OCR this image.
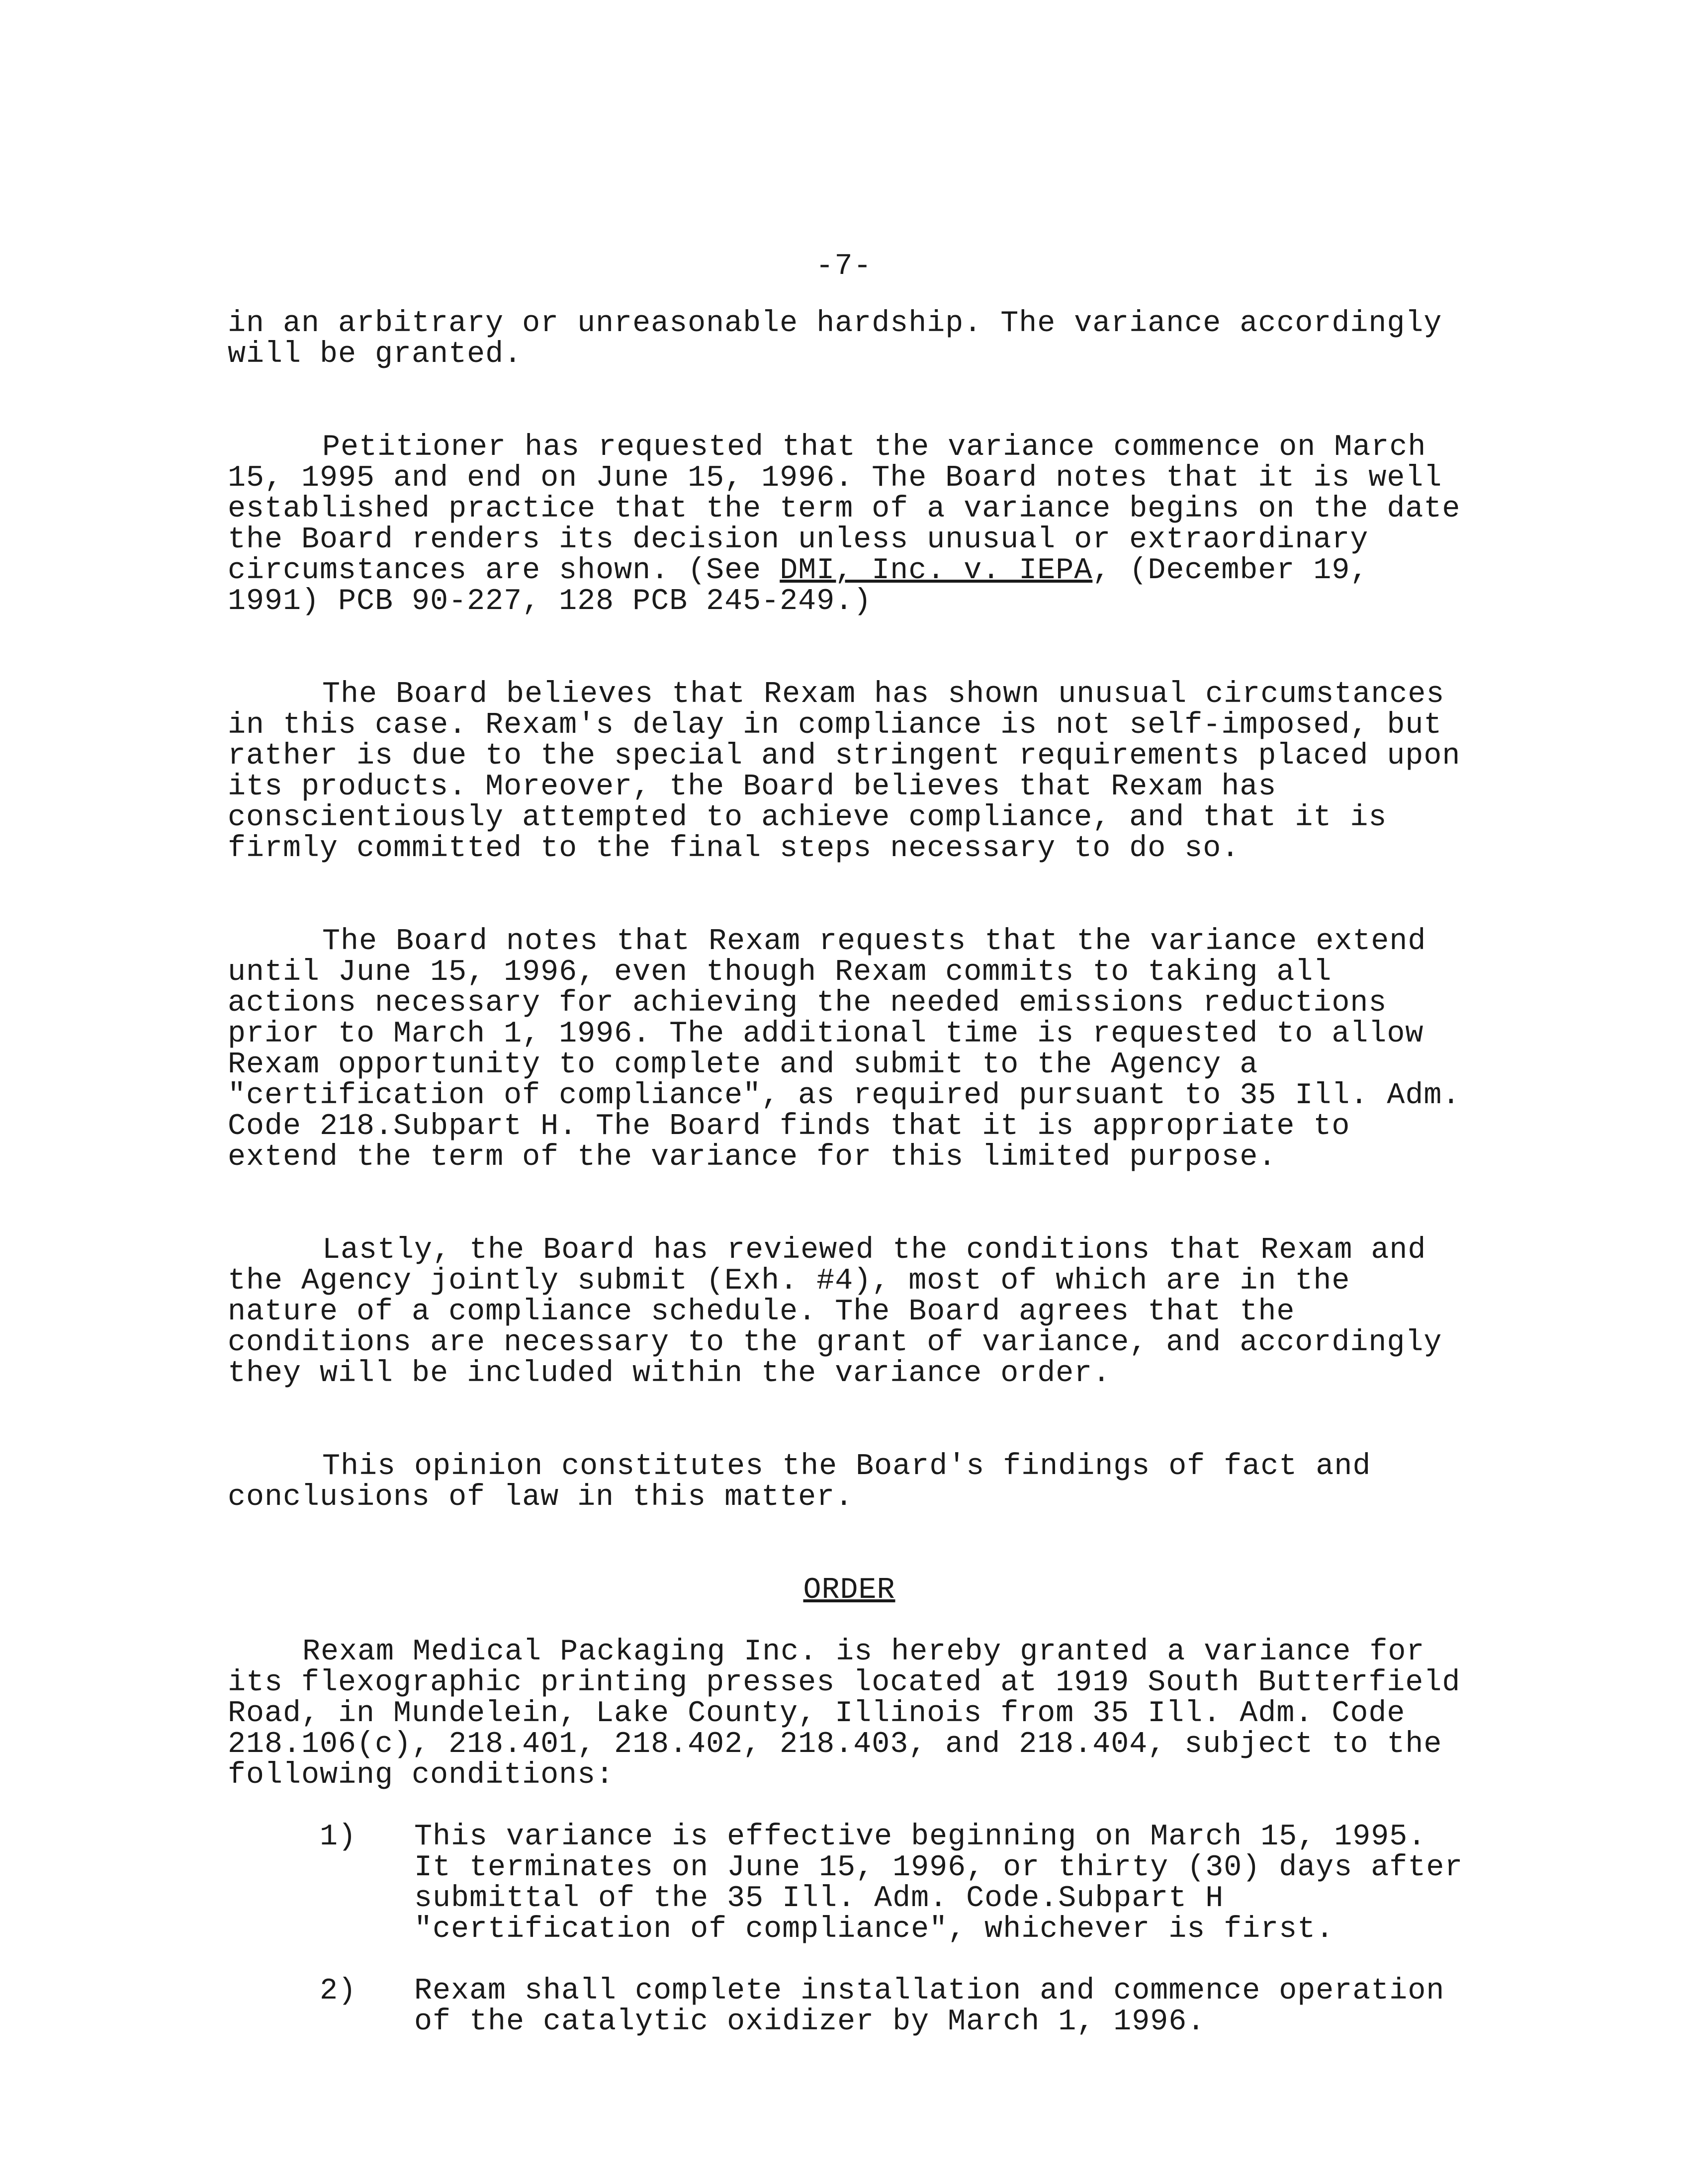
-7-

in an arbitrary or unreasonable hardship. The variance accordingly will be granted.

Petitioner has requested that the variance commence on March 15, 1995 and end on June 15, 1996. The Board notes that it is well established practice that the term of a variance begins on the date the Board renders its decision unless unusual or extraordinary circumstances are shown. (See DMI, Inc. v. IEPA, (December 19, 1991) PCB 90-227, 128 PCB 245-249.)

The Board believes that Rexam has shown unusual circumstances in this case. Rexam's delay in compliance is not self-imposed, but rather is due to the special and stringent requirements placed upon its products. Moreover, the Board believes that Rexam has conscientiously attempted to achieve compliance, and that it is firmly committed to the final steps necessary to do so.

The Board notes that Rexam requests that the variance extend until June 15, 1996, even though Rexam commits to taking all actions necessary for achieving the needed emissions reductions prior to March 1, 1996. The additional time is requested to allow Rexam opportunity to complete and submit to the Agency a "certification of compliance", as required pursuant to 35 Ill. Adm. Code 218.Subpart H. The Board finds that it is appropriate to extend the term of the variance for this limited purpose.

Lastly, the Board has reviewed the conditions that Rexam and the Agency jointly submit (Exh. #4), most of which are in the nature of a compliance schedule. The Board agrees that the conditions are necessary to the grant of variance, and accordingly they will be included within the variance order.

This opinion constitutes the Board's findings of fact and conclusions of law in this matter.

ORDER

Rexam Medical Packaging Inc. is hereby granted a variance for its flexographic printing presses located at 1919 South Butterfield Road, in Mundelein, Lake County, Illinois from 35 Ill. Adm. Code 218.106(c), 218.401, 218.402, 218.403, and 218.404, subject to the following conditions:

1) This variance is effective beginning on March 15, 1995. It terminates on June 15, 1996, or thirty (30) days after submittal of the 35 Ill. Adm. Code.Subpart H "certification of compliance", whichever is first.
2) Rexam shall complete installation and commence operation of the catalytic oxidizer by March 1, 1996.
